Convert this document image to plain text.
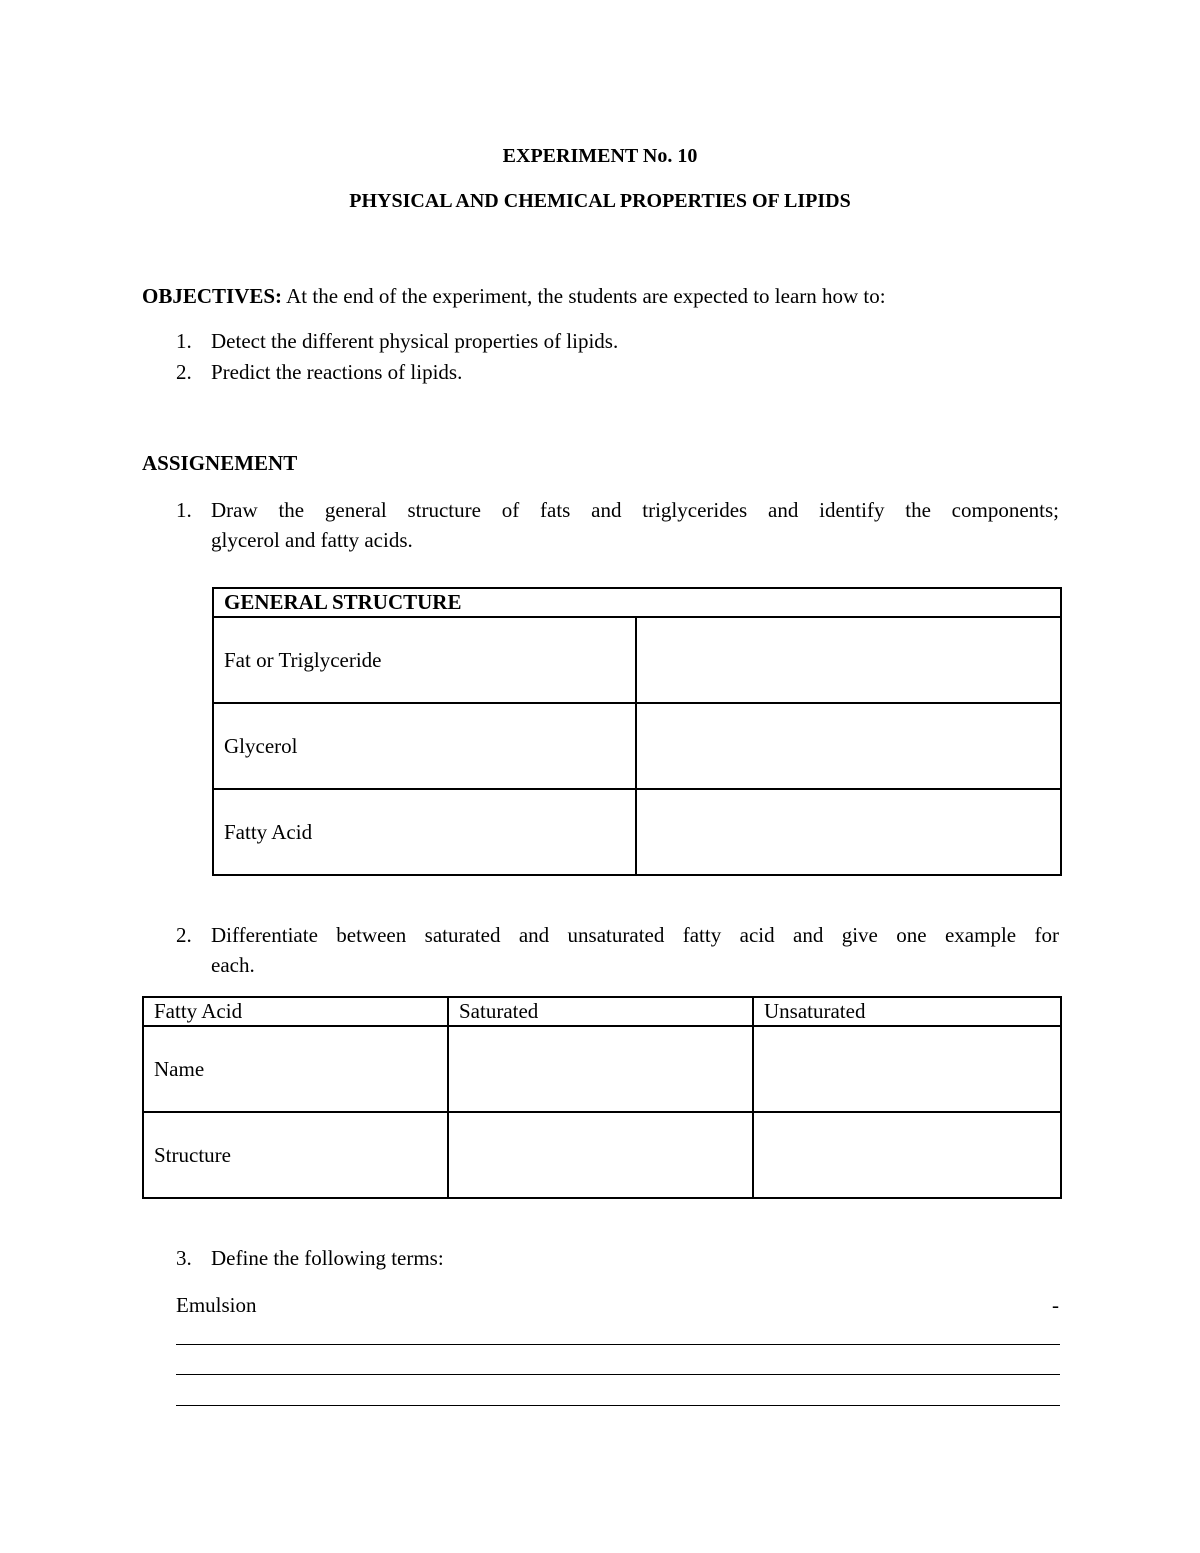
EXPERIMENT No. 10
PHYSICAL AND CHEMICAL PROPERTIES OF LIPIDS
OBJECTIVES: At the end of the experiment, the students are expected to learn how to:
1. Detect the different physical properties of lipids.
2. Predict the reactions of lipids.
ASSIGNEMENT
1. Draw the general structure of fats and triglycerides and identify the components;
glycerol and fatty acids.
GENERAL STRUCTURE	
Fat or Triglyceride	
Glycerol	
Fatty Acid	
2. Differentiate between saturated and unsaturated fatty acid and give one example for
each.
Fatty Acid	Saturated	Unsaturated
Name		
Structure		
3. Define the following terms:
Emulsion	-
